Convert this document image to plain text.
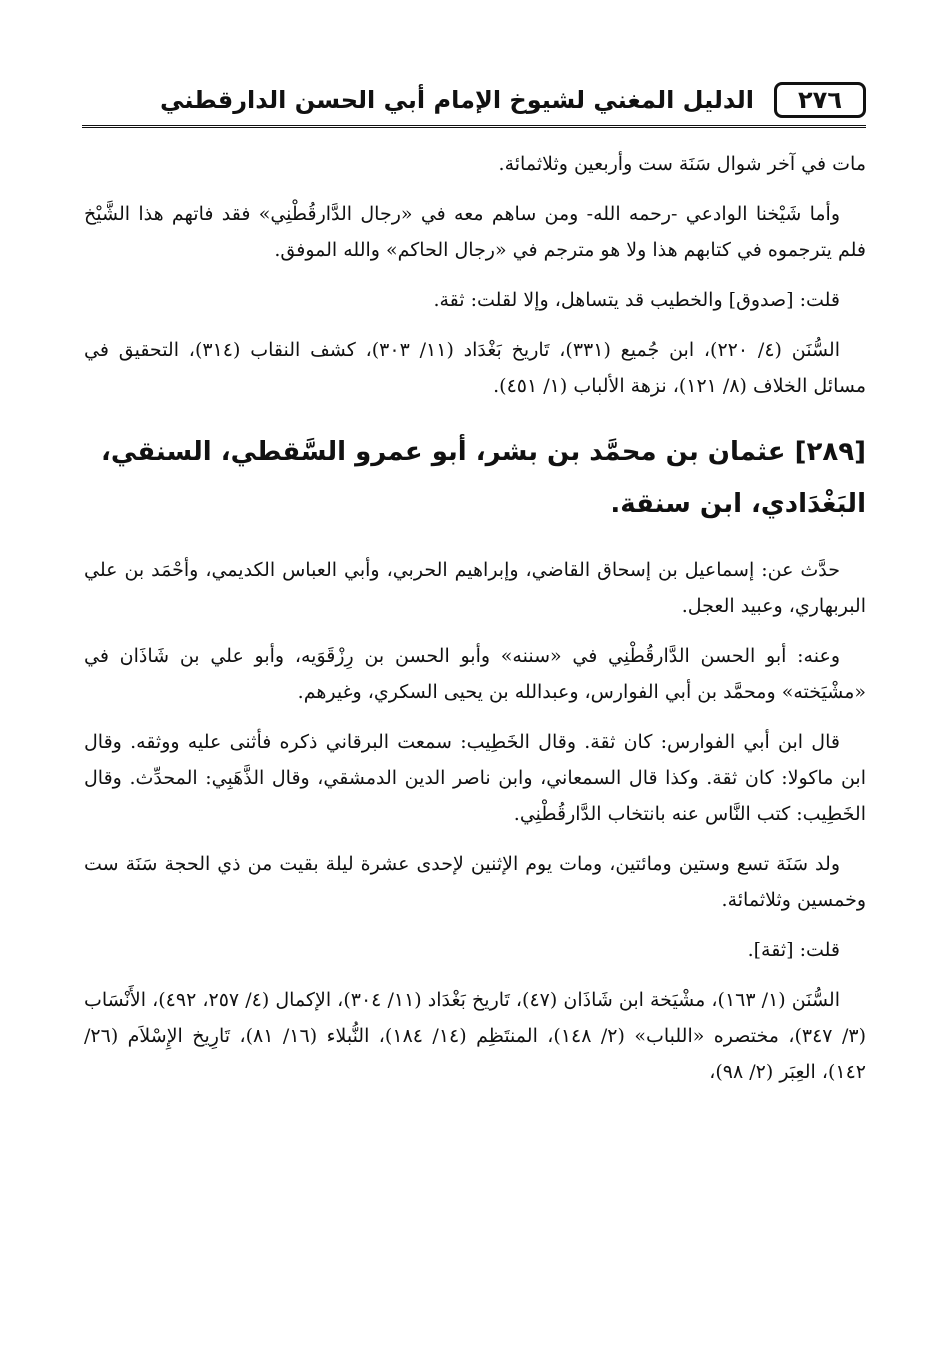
٢٧٦
الدليل المغني لشيوخ الإمام أبي الحسن الدارقطني

مات في آخر شوال سَنَة ست وأربعين وثلاثمائة.

وأما شَيْخنا الوادعي -رحمه الله- ومن ساهم معه في «رجال الدَّارقُطْنِي» فقد فاتهم هذا الشَّيْخ فلم يترجموه في كتابهم هذا ولا هو مترجم في «رجال الحاكم» والله الموفق.

قلت: [صدوق] والخطيب قد يتساهل، وإلا لقلت: ثقة.

السُّنَن (٤/ ٢٢٠)، ابن جُميع (٣٣١)، تَاريخ بَغْدَاد (١١/ ٣٠٣)، كشف النقاب (٣١٤)، التحقيق في مسائل الخلاف (٨/ ١٢١)، نزهة الألباب (١/ ٤٥١).

[٢٨٩] عثمان بن محمَّد بن بشر، أبو عمرو السَّقطي، السنقي، البَغْدَادي، ابن سنقة.

حدَّث عن: إسماعيل بن إسحاق القاضي، وإبراهيم الحربي، وأبي العباس الكديمي، وأحْمَد بن علي البربهاري، وعبيد العجل.

وعنه: أبو الحسن الدَّارقُطْنِي في «سننه» وأبو الحسن بن رِزْقَوَيه، وأبو علي بن شَاذَان في «مشْيَخته» ومحمَّد بن أبي الفوارس، وعبدالله بن يحيى السكري، وغيرهم.

قال ابن أبي الفوارس: كان ثقة. وقال الخَطِيب: سمعت البرقاني ذكره فأثنى عليه ووثقه. وقال ابن ماكولا: كان ثقة. وكذا قال السمعاني، وابن ناصر الدين الدمشقي، وقال الذَّهَبِي: المحدِّث. وقال الخَطِيب: كتب النَّاس عنه بانتخاب الدَّارقُطْنِي.

ولد سَنَة تسع وستين ومائتين، ومات يوم الإثنين لإحدى عشرة ليلة بقيت من ذي الحجة سَنَة ست وخمسين وثلاثمائة.

قلت: [ثقة].

السُّنَن (١/ ١٦٣)، مشْيَخة ابن شَاذَان (٤٧)، تَاريخ بَغْدَاد (١١/ ٣٠٤)، الإكمال (٤/ ٢٥٧، ٤٩٢)، الأَنْسَاب (٣/ ٣٤٧)، مختصره «اللباب» (٢/ ١٤٨)، المنتَظِم (١٤/ ١٨٤)، النُّبلاء (١٦/ ٨١)، تَارِيخ الإِسْلاَم (٢٦/ ١٤٢)، العِبَر (٢/ ٩٨)،
